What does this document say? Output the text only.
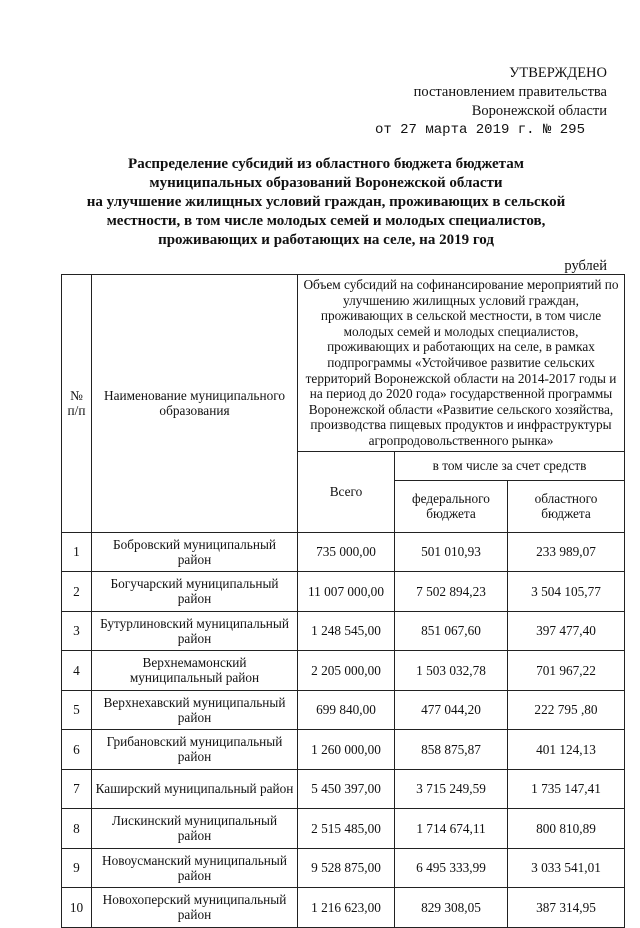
УТВЕРЖДЕНО
постановлением правительства
Воронежской области
от 27 марта 2019 г. № 295
Распределение субсидий из областного бюджета бюджетам
муниципальных образований Воронежской области
на улучшение жилищных условий граждан, проживающих в сельской
местности, в том числе молодых семей и молодых специалистов,
проживающих и работающих на селе, на 2019 год
рублей
№ п/п	Наименование муниципального образования	Объем субсидий на софинансирование мероприятий по улучшению жилищных условий граждан, проживающих в сельской местности, в том числе молодых семей и молодых специалистов, проживающих и работающих на селе, в рамках подпрограммы «Устойчивое развитие сельских территорий Воронежской области на 2014-2017 годы и на период до 2020 года» государственной программы Воронежской области «Развитие сельского хозяйства, производства пищевых продуктов и инфраструктуры агропродовольственного рынка»		
		Всего	в том числе за счет средств	
			федерального бюджета	областного бюджета
1	Бобровский муниципальный район	735 000,00	501 010,93	233 989,07
2	Богучарский муниципальный район	11 007 000,00	7 502 894,23	3 504 105,77
3	Бутурлиновский муниципальный район	1 248 545,00	851 067,60	397 477,40
4	Верхнемамонский муниципальный район	2 205 000,00	1 503 032,78	701 967,22
5	Верхнехавский муниципальный район	699 840,00	477 044,20	222 795 ,80
6	Грибановский муниципальный район	1 260 000,00	858 875,87	401 124,13
7	Каширский муниципальный район	5 450 397,00	3 715 249,59	1 735 147,41
8	Лискинский муниципальный район	2 515 485,00	1 714 674,11	800 810,89
9	Новоусманский муниципальный район	9 528 875,00	6 495 333,99	3 033 541,01
10	Новохоперский муниципальный район	1 216 623,00	829 308,05	387 314,95
